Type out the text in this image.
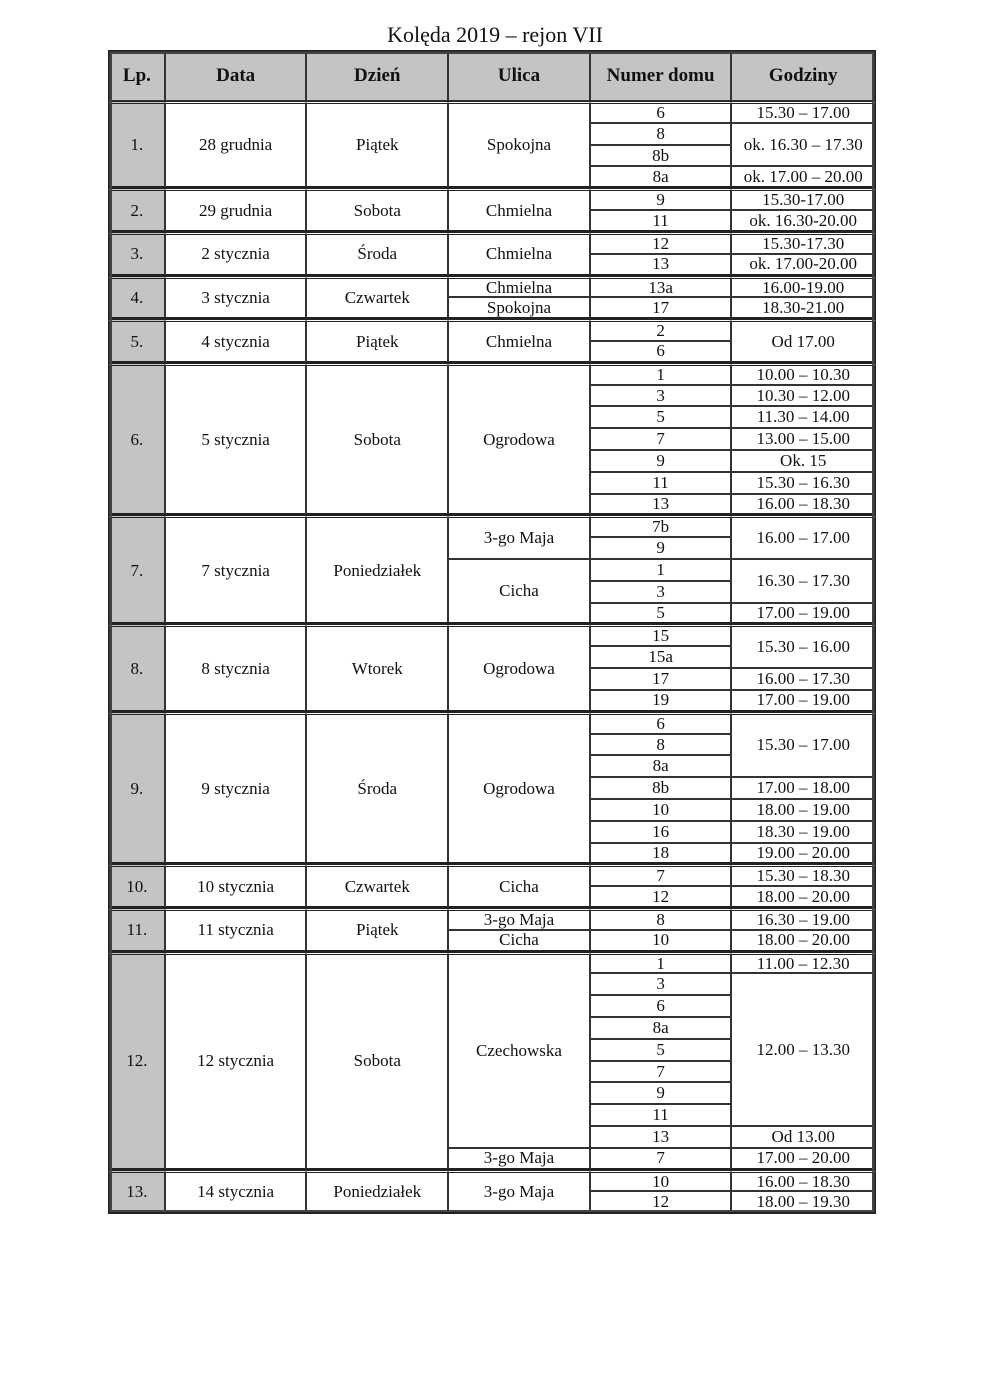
Kolęda 2019 – rejon VII
Lp.	Data	Dzień	Ulica	Numer domu	Godziny
1.	28 grudnia	Piątek	Spokojna	6	15.30 – 17.00
				8	ok. 16.30 – 17.30
				8b	
				8a	ok. 17.00 – 20.00
2.	29 grudnia	Sobota	Chmielna	9	15.30-17.00
				11	ok. 16.30-20.00
3.	2 stycznia	Środa	Chmielna	12	15.30-17.30
				13	ok. 17.00-20.00
4.	3 stycznia	Czwartek	Chmielna	13a	16.00-19.00
			Spokojna	17	18.30-21.00
5.	4 stycznia	Piątek	Chmielna	2	Od 17.00
				6	
6.	5 stycznia	Sobota	Ogrodowa	1	10.00 – 10.30
				3	10.30 – 12.00
				5	11.30 – 14.00
				7	13.00 – 15.00
				9	Ok. 15
				11	15.30 – 16.30
				13	16.00 – 18.30
7.	7 stycznia	Poniedziałek	3-go Maja	7b	16.00 – 17.00
				9	
			Cicha	1	16.30 – 17.30
				3	
				5	17.00 – 19.00
8.	8 stycznia	Wtorek	Ogrodowa	15	15.30 – 16.00
				15a	
				17	16.00 – 17.30
				19	17.00 – 19.00
9.	9 stycznia	Środa	Ogrodowa	6	15.30 – 17.00
				8	
				8a	
				8b	17.00 – 18.00
				10	18.00 – 19.00
				16	18.30 – 19.00
				18	19.00 – 20.00
10.	10 stycznia	Czwartek	Cicha	7	15.30 – 18.30
				12	18.00 – 20.00
11.	11 stycznia	Piątek	3-go Maja	8	16.30 – 19.00
			Cicha	10	18.00 – 20.00
12.	12 stycznia	Sobota	Czechowska	1	11.00 – 12.30
				3	12.00 – 13.30
				6	
				8a	
				5	
				7	
				9	
				11	
				13	Od 13.00
			3-go Maja	7	17.00 – 20.00
13.	14 stycznia	Poniedziałek	3-go Maja	10	16.00 – 18.30
				12	18.00 – 19.30
